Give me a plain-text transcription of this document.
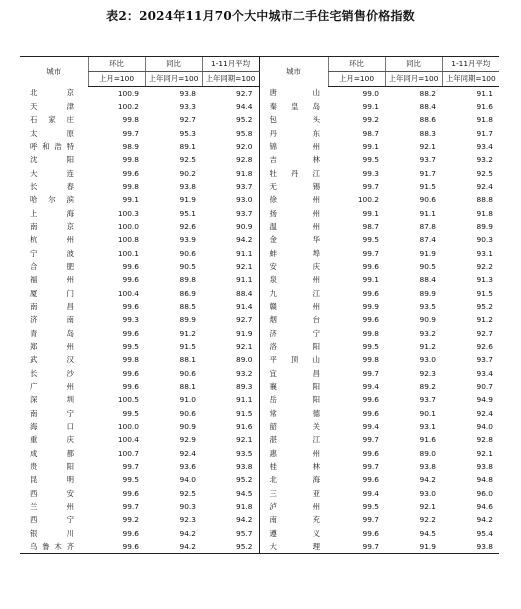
表2：2024年11月70个大中城市二手住宅销售价格指数
城市	环比	同比	1-11月平均	城市	环比	同比	1-11月平均
	上月=100	上年同月=100	上年同期=100		上月=100	上年同月=100	上年同期=100
北　京	100.9	93.8	92.7	唐　山	99.0	88.2	91.1
天　津	100.2	93.3	94.4	秦皇岛	99.1	88.4	91.6
石家庄	99.8	92.7	95.2	包　头	99.2	88.6	91.8
太　原	99.7	95.3	95.8	丹　东	98.7	88.3	91.7
呼和浩特	98.9	89.1	92.0	锦　州	99.1	92.1	93.4
沈　阳	99.8	92.5	92.8	吉　林	99.5	93.7	93.2
大　连	99.6	90.2	91.8	牡丹江	99.3	91.7	92.5
长　春	99.8	93.8	93.7	无　锡	99.7	91.5	92.4
哈尔滨	99.1	91.9	93.0	徐　州	100.2	90.6	88.8
上　海	100.3	95.1	93.7	扬　州	99.1	91.1	91.8
南　京	100.0	92.6	90.9	温　州	98.7	87.8	89.9
杭　州	100.8	93.9	94.2	金　华	99.5	87.4	90.3
宁　波	100.1	90.6	91.1	蚌　埠	99.7	91.9	93.1
合　肥	99.6	90.5	92.1	安　庆	99.6	90.5	92.2
福　州	99.6	89.8	91.1	泉　州	99.1	88.4	91.3
厦　门	100.4	86.9	88.4	九　江	99.6	89.9	91.5
南　昌	99.6	88.5	91.4	赣　州	99.9	93.5	95.2
济　南	99.3	89.9	92.7	烟　台	99.6	90.9	91.2
青　岛	99.6	91.2	91.9	济　宁	99.8	93.2	92.7
郑　州	99.5	91.5	92.1	洛　阳	99.5	91.2	92.6
武　汉	99.8	88.1	89.0	平顶山	99.8	93.0	93.7
长　沙	99.6	90.6	93.2	宜　昌	99.7	92.3	93.4
广　州	99.6	88.1	89.3	襄　阳	99.4	89.2	90.7
深　圳	100.5	91.0	91.1	岳　阳	99.6	93.7	94.9
南　宁	99.5	90.6	91.5	常　德	99.6	90.1	92.4
海　口	100.0	90.9	91.6	韶　关	99.4	93.1	94.0
重　庆	100.4	92.9	92.1	湛　江	99.7	91.6	92.8
成　都	100.7	92.4	93.5	惠　州	99.6	89.0	92.1
贵　阳	99.7	93.6	93.8	桂　林	99.7	93.8	93.8
昆　明	99.5	94.0	95.2	北　海	99.6	94.2	94.8
西　安	99.6	92.5	94.5	三　亚	99.4	93.0	96.0
兰　州	99.7	90.3	91.8	泸　州	99.5	92.1	94.6
西　宁	99.2	92.3	94.2	南　充	99.7	92.2	94.2
银　川	99.6	94.2	95.7	遵　义	99.6	94.5	95.4
乌鲁木齐	99.6	94.2	95.2	大　理	99.7	91.9	93.8
